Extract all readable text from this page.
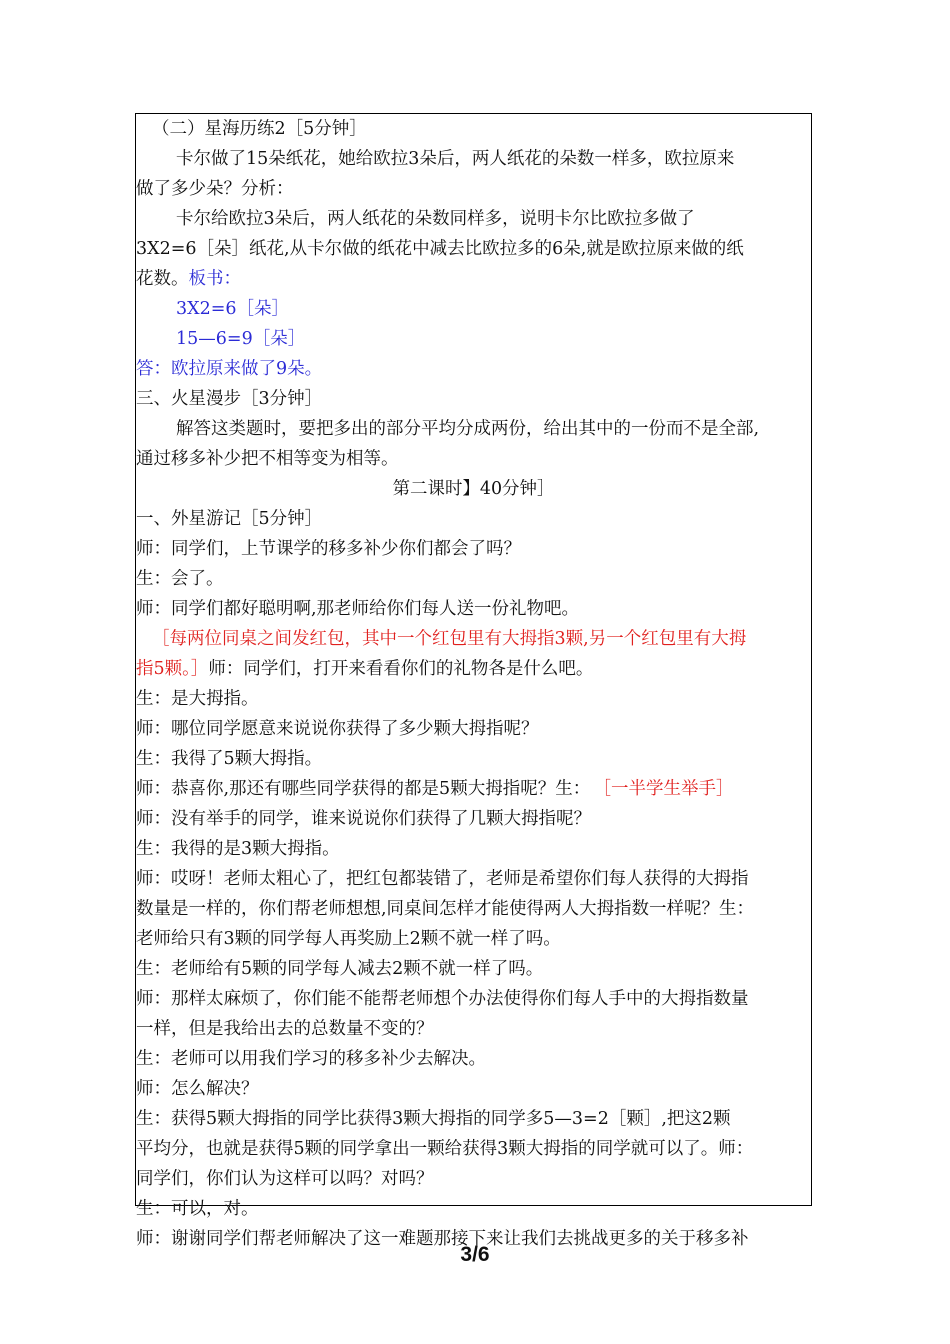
（二）星海历练2［5分钟］
卡尔做了15朵纸花，她给欧拉3朵后，两人纸花的朵数一样多，欧拉原来
做了多少朵？分析：
卡尔给欧拉3朵后，两人纸花的朵数同样多，说明卡尔比欧拉多做了
3X2=6［朵］纸花,从卡尔做的纸花中减去比欧拉多的6朵,就是欧拉原来做的纸
花数。板书：
3X2=6［朵］
15—6=9［朵］
答：欧拉原来做了9朵。
三、火星漫步［3分钟］
解答这类题时，要把多出的部分平均分成两份，给出其中的一份而不是全部,
通过移多补少把不相等变为相等。
第二课时】40分钟］
一、外星游记［5分钟］
师：同学们，上节课学的移多补少你们都会了吗？
生：会了。
师：同学们都好聪明啊,那老师给你们每人送一份礼物吧。
［每两位同桌之间发红包，其中一个红包里有大拇指3颗,另一个红包里有大拇
指5颗。］师：同学们，打开来看看你们的礼物各是什么吧。
生：是大拇指。
师：哪位同学愿意来说说你获得了多少颗大拇指呢？
生：我得了5颗大拇指。
师：恭喜你,那还有哪些同学获得的都是5颗大拇指呢？生： ［一半学生举手］
师：没有举手的同学，谁来说说你们获得了几颗大拇指呢？
生：我得的是3颗大拇指。
师：哎呀！老师太粗心了，把红包都装错了，老师是希望你们每人获得的大拇指
数量是一样的，你们帮老师想想,同桌间怎样才能使得两人大拇指数一样呢？生：
老师给只有3颗的同学每人再奖励上2颗不就一样了吗。
生：老师给有5颗的同学每人减去2颗不就一样了吗。
师：那样太麻烦了，你们能不能帮老师想个办法使得你们每人手中的大拇指数量
一样，但是我给出去的总数量不变的？
生：老师可以用我们学习的移多补少去解决。
师：怎么解决？
生：获得5颗大拇指的同学比获得3颗大拇指的同学多5—3=2［颗］,把这2颗
平均分，也就是获得5颗的同学拿出一颗给获得3颗大拇指的同学就可以了。师：
同学们，你们认为这样可以吗？对吗？
生：可以，对。
师：谢谢同学们帮老师解决了这一难题那接下来让我们去挑战更多的关于移多补
3/6
